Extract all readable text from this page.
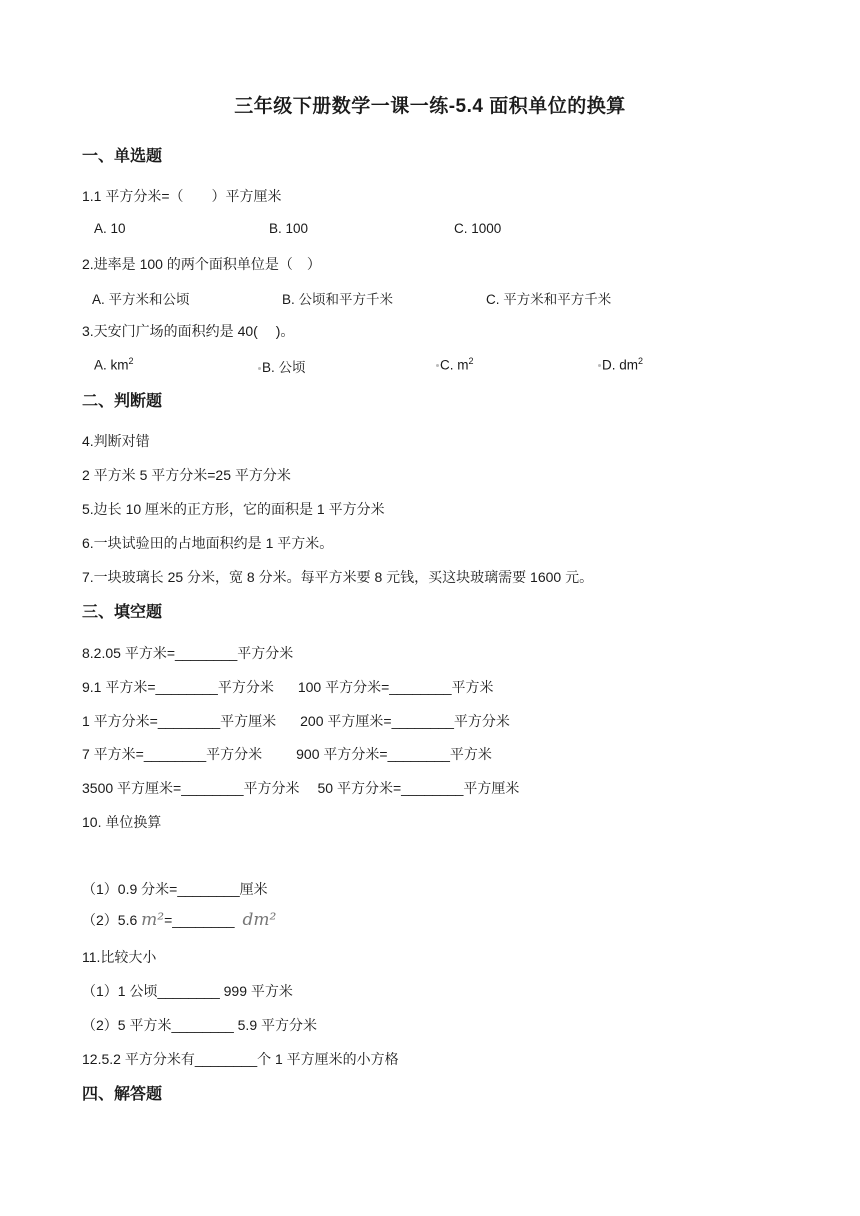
三年级下册数学一课一练-5.4 面积单位的换算
一、单选题
1.1 平方分米=（　　）平方厘米
A. 10	B. 100	C. 1000
2.进率是 100 的两个面积单位是（　）
A. 平方米和公顷	B. 公顷和平方千米	C. 平方米和平方千米
3.天安门广场的面积约是 40(　 )。
A. $km^2$	B. 公顷	C. $m^2$	D. $dm^2$
二、判断题
4.判断对错
2 平方米 5 平方分米=25 平方分米
5.边长 10 厘米的正方形，它的面积是 1 平方分米
6.一块试验田的占地面积约是 1 平方米。
7.一块玻璃长 25 分米，宽 8 分米。每平方米要 8 元钱，买这块玻璃需要 1600 元。
三、填空题
8.2.05 平方米=________平方分米
9.1 平方米=________平方分米 100 平方分米=________平方米
1 平方分米=________平方厘米 200 平方厘米=________平方分米
7 平方米=________平方分米 900 平方分米=________平方米
3500 平方厘米=________平方分米 50 平方分米=________平方厘米
10. 单位换算
（1）0.9 分米=________厘米
（2）5.6 m²=________ dm²
11.比较大小
（1）1 公顷________ 999 平方米
（2）5 平方米________ 5.9 平方分米
12.5.2 平方分米有________个 1 平方厘米的小方格
四、解答题
